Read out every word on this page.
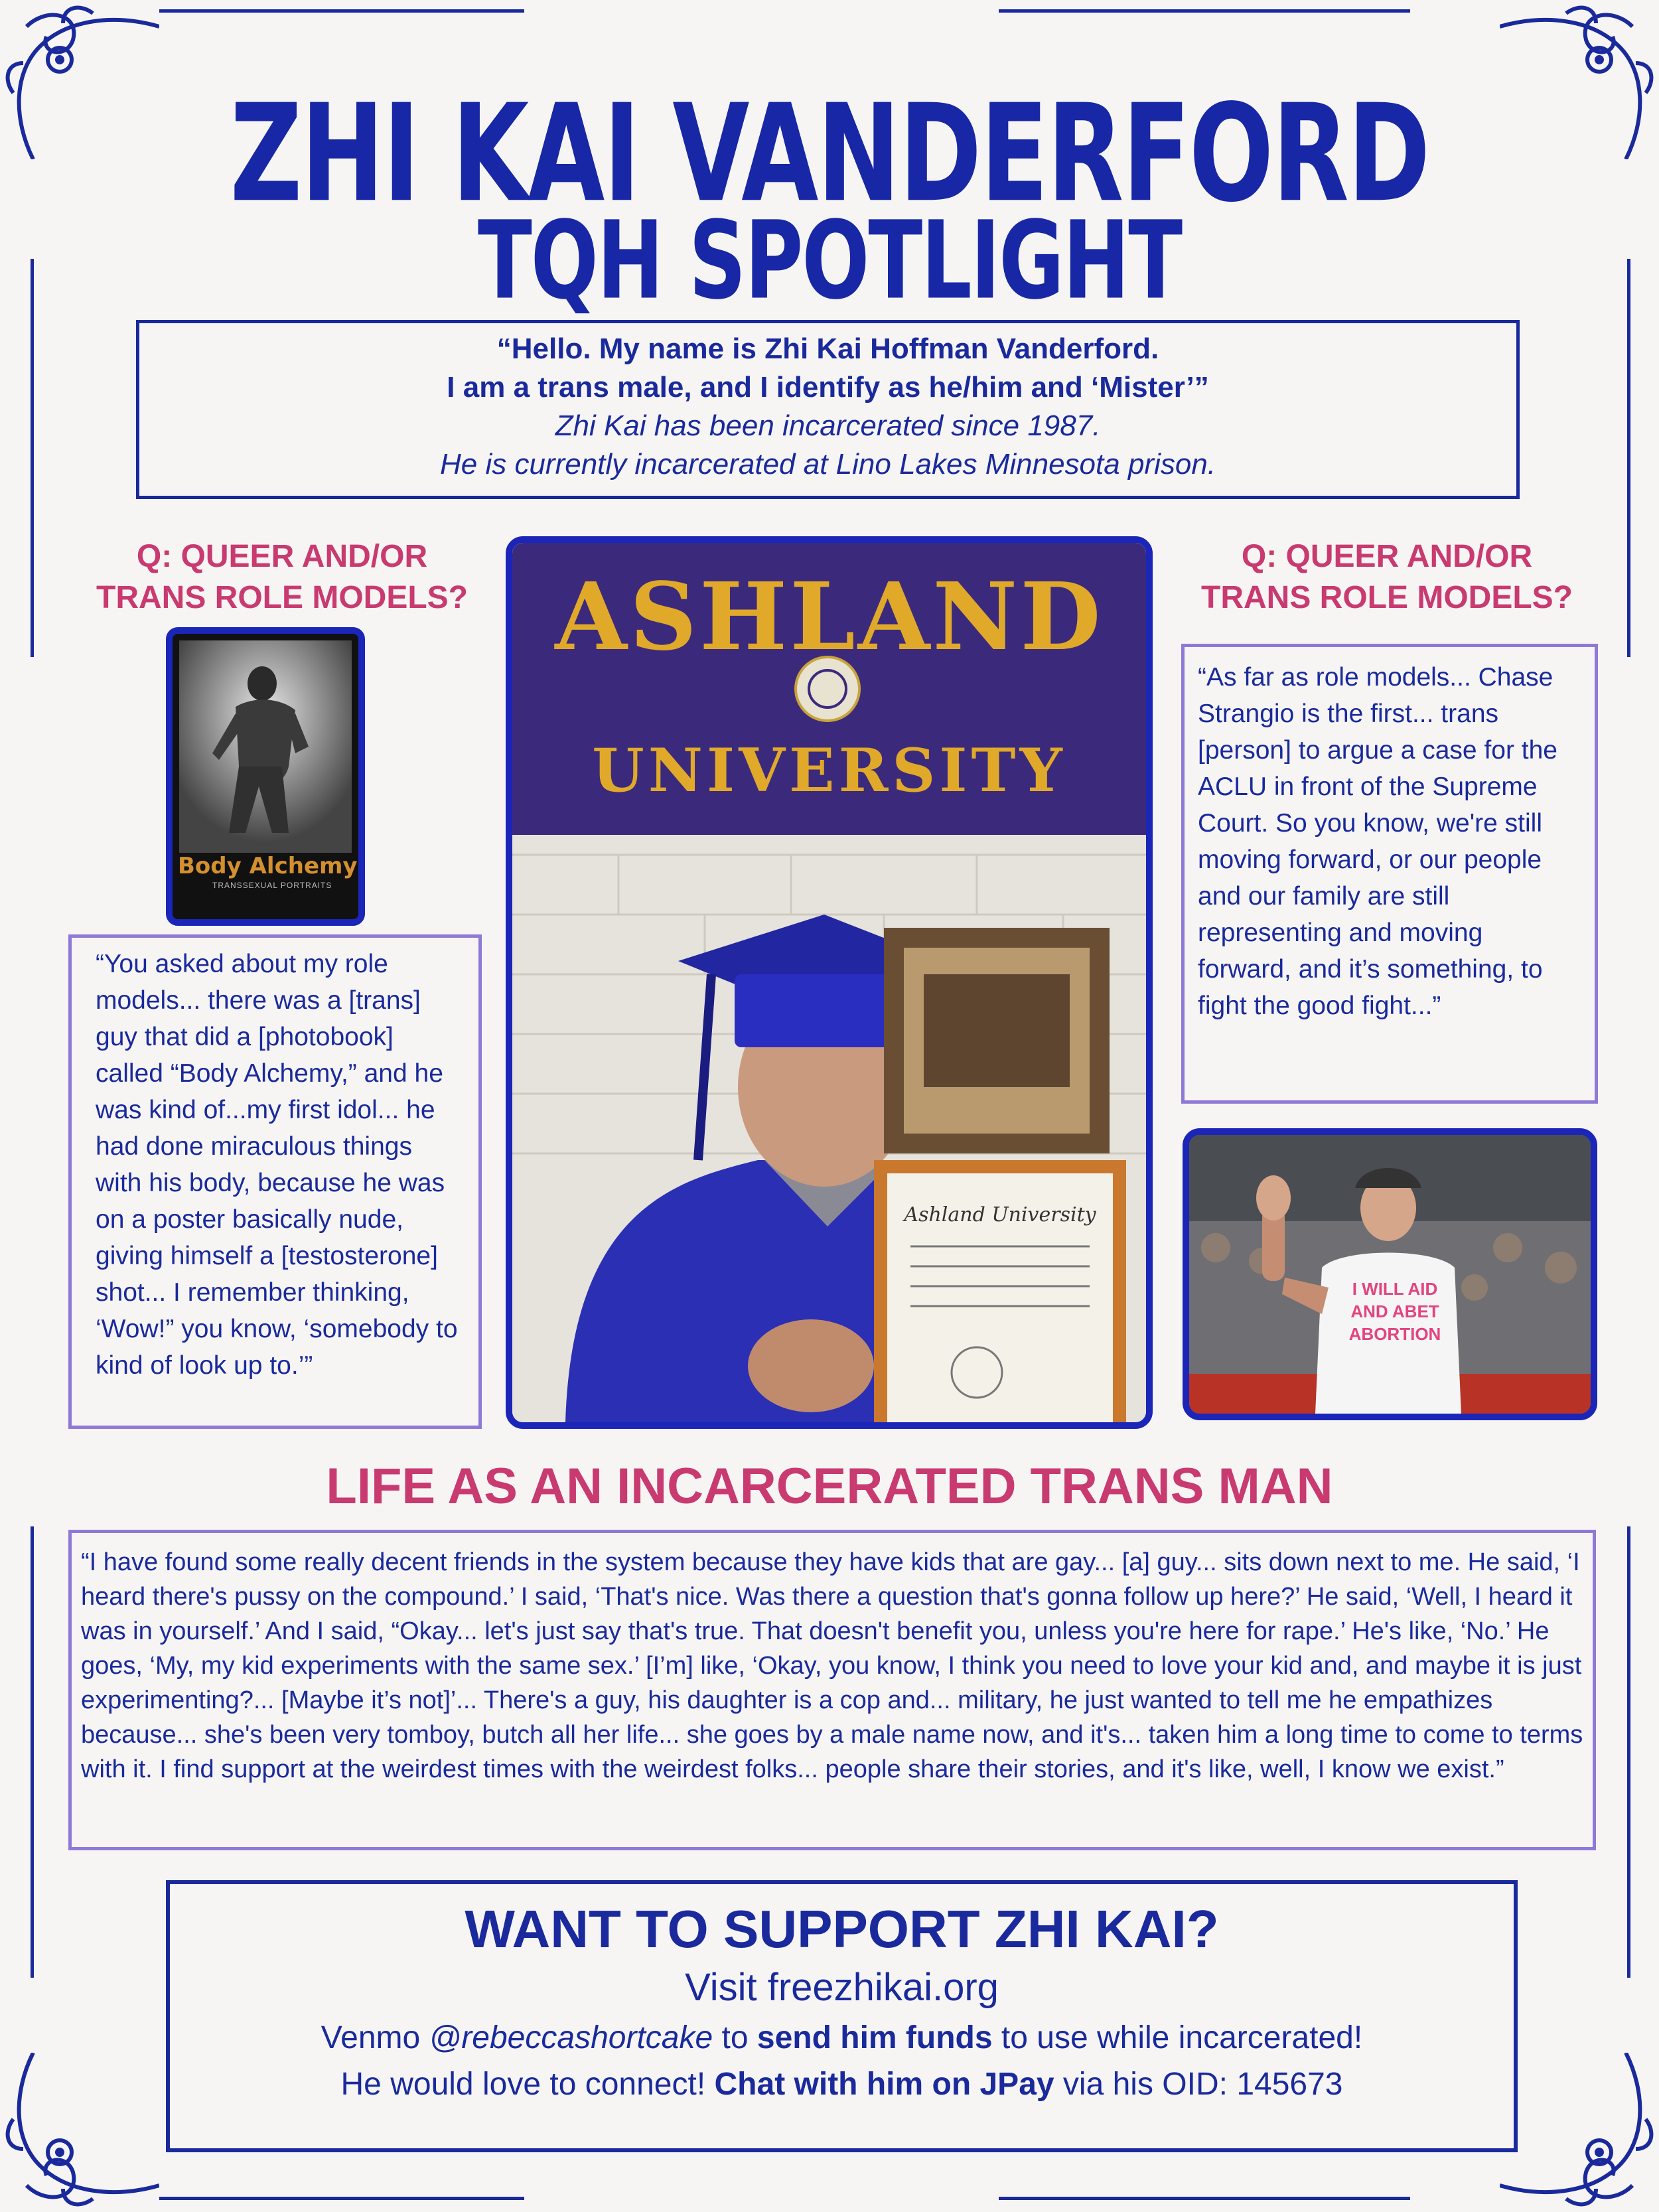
ZHI KAI VANDERFORD
TQH SPOTLIGHT
“Hello. My name is Zhi Kai Hoffman Vanderford.
I am a trans male, and I identify as he/him and ‘Mister’”
Zhi Kai has been incarcerated since 1987.
He is currently incarcerated at Lino Lakes Minnesota prison.
Q: QUEER AND/OR
TRANS ROLE MODELS?
Body Alchemy
TRANSSEXUAL PORTRAITS
“You asked about my role models... there was a [trans] guy that did a [photobook] called “Body Alchemy,” and he was kind of...my first idol... he had done miraculous things with his body, because he was on a poster basically nude, giving himself a [testosterone] shot... I remember thinking, ‘Wow!” you know, ‘somebody to kind of look up to.’”
ASHLAND
UNIVERSITY
Ashland University
Q: QUEER AND/OR
TRANS ROLE MODELS?
“As far as role models... Chase Strangio is the first... trans [person] to argue a case for the ACLU in front of the Supreme Court. So you know, we're still moving forward, or our people and our family are still representing and moving forward, and it’s something, to fight the good fight...”
I WILL AID
AND ABET
ABORTION
LIFE AS AN INCARCERATED TRANS MAN
“I have found some really decent friends in the system because they have kids that are gay... [a] guy... sits down next to me. He said, ‘I heard there's pussy on the compound.’ I said, ‘That's nice. Was there a question that's gonna follow up here?’ He said, ‘Well, I heard it was in yourself.’ And I said, “Okay... let's just say that's true. That doesn't benefit you, unless you're here for rape.’ He's like, ‘No.’ He goes, ‘My, my kid experiments with the same sex.’ [I’m] like, ‘Okay, you know, I think you need to love your kid and, and maybe it is just experimenting?... [Maybe it’s not]’... There's a guy, his daughter is a cop and... military, he just wanted to tell me he empathizes because... she's been very tomboy, butch all her life... she goes by a male name now, and it's... taken him a long time to come to terms with it. I find support at the weirdest times with the weirdest folks... people share their stories, and it's like, well, I know we exist.”
WANT TO SUPPORT ZHI KAI?
Visit freezhikai.org
Venmo @rebeccashortcake to send him funds to use while incarcerated!
He would love to connect! Chat with him on JPay via his OID: 145673
